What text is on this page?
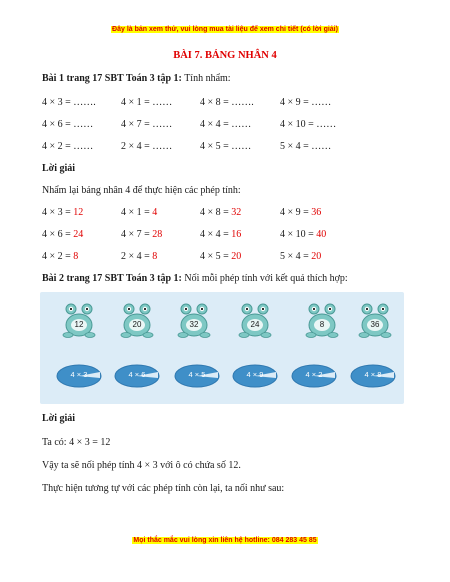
Đây là bản xem thử, vui lòng mua tài liệu để xem chi tiết (có lời giải)
BÀI 7. BẢNG NHÂN 4
Bài 1 trang 17 SBT Toán 3 tập 1: Tính nhẩm:
4 × 3 = …….	4 × 1 = ……	4 × 8 = …….	4 × 9 = ……
4 × 6 = ……	4 × 7 = ……	4 × 4 = ……	4 × 10 = ……
4 × 2 = ……	2 × 4 = ……	4 × 5 = ……	5 × 4 = ……
Lời giải
Nhẩm lại bảng nhân 4 để thực hiện các phép tính:
4 × 3 = 12	4 × 1 = 4	4 × 8 = 32	4 × 9 = 36
4 × 6 = 24	4 × 7 = 28	4 × 4 = 16	4 × 10 = 40
4 × 2 = 8	2 × 4 = 8	4 × 5 = 20	5 × 4 = 20
Bài 2 trang 17 SBT Toán 3 tập 1: Nối mỗi phép tính với kết quả thích hợp:
12	20	32	24	8	36
4 × 3	4 × 6	4 × 5	4 × 9	4 × 2	4 × 8
Lời giải
Ta có: 4 × 3 = 12
Vậy ta sẽ nối phép tính 4 × 3 với ô có chứa số 12.
Thực hiện tương tự với các phép tính còn lại, ta nối như sau:
Mọi thắc mắc vui lòng xin liên hệ hotline: 084 283 45 85
